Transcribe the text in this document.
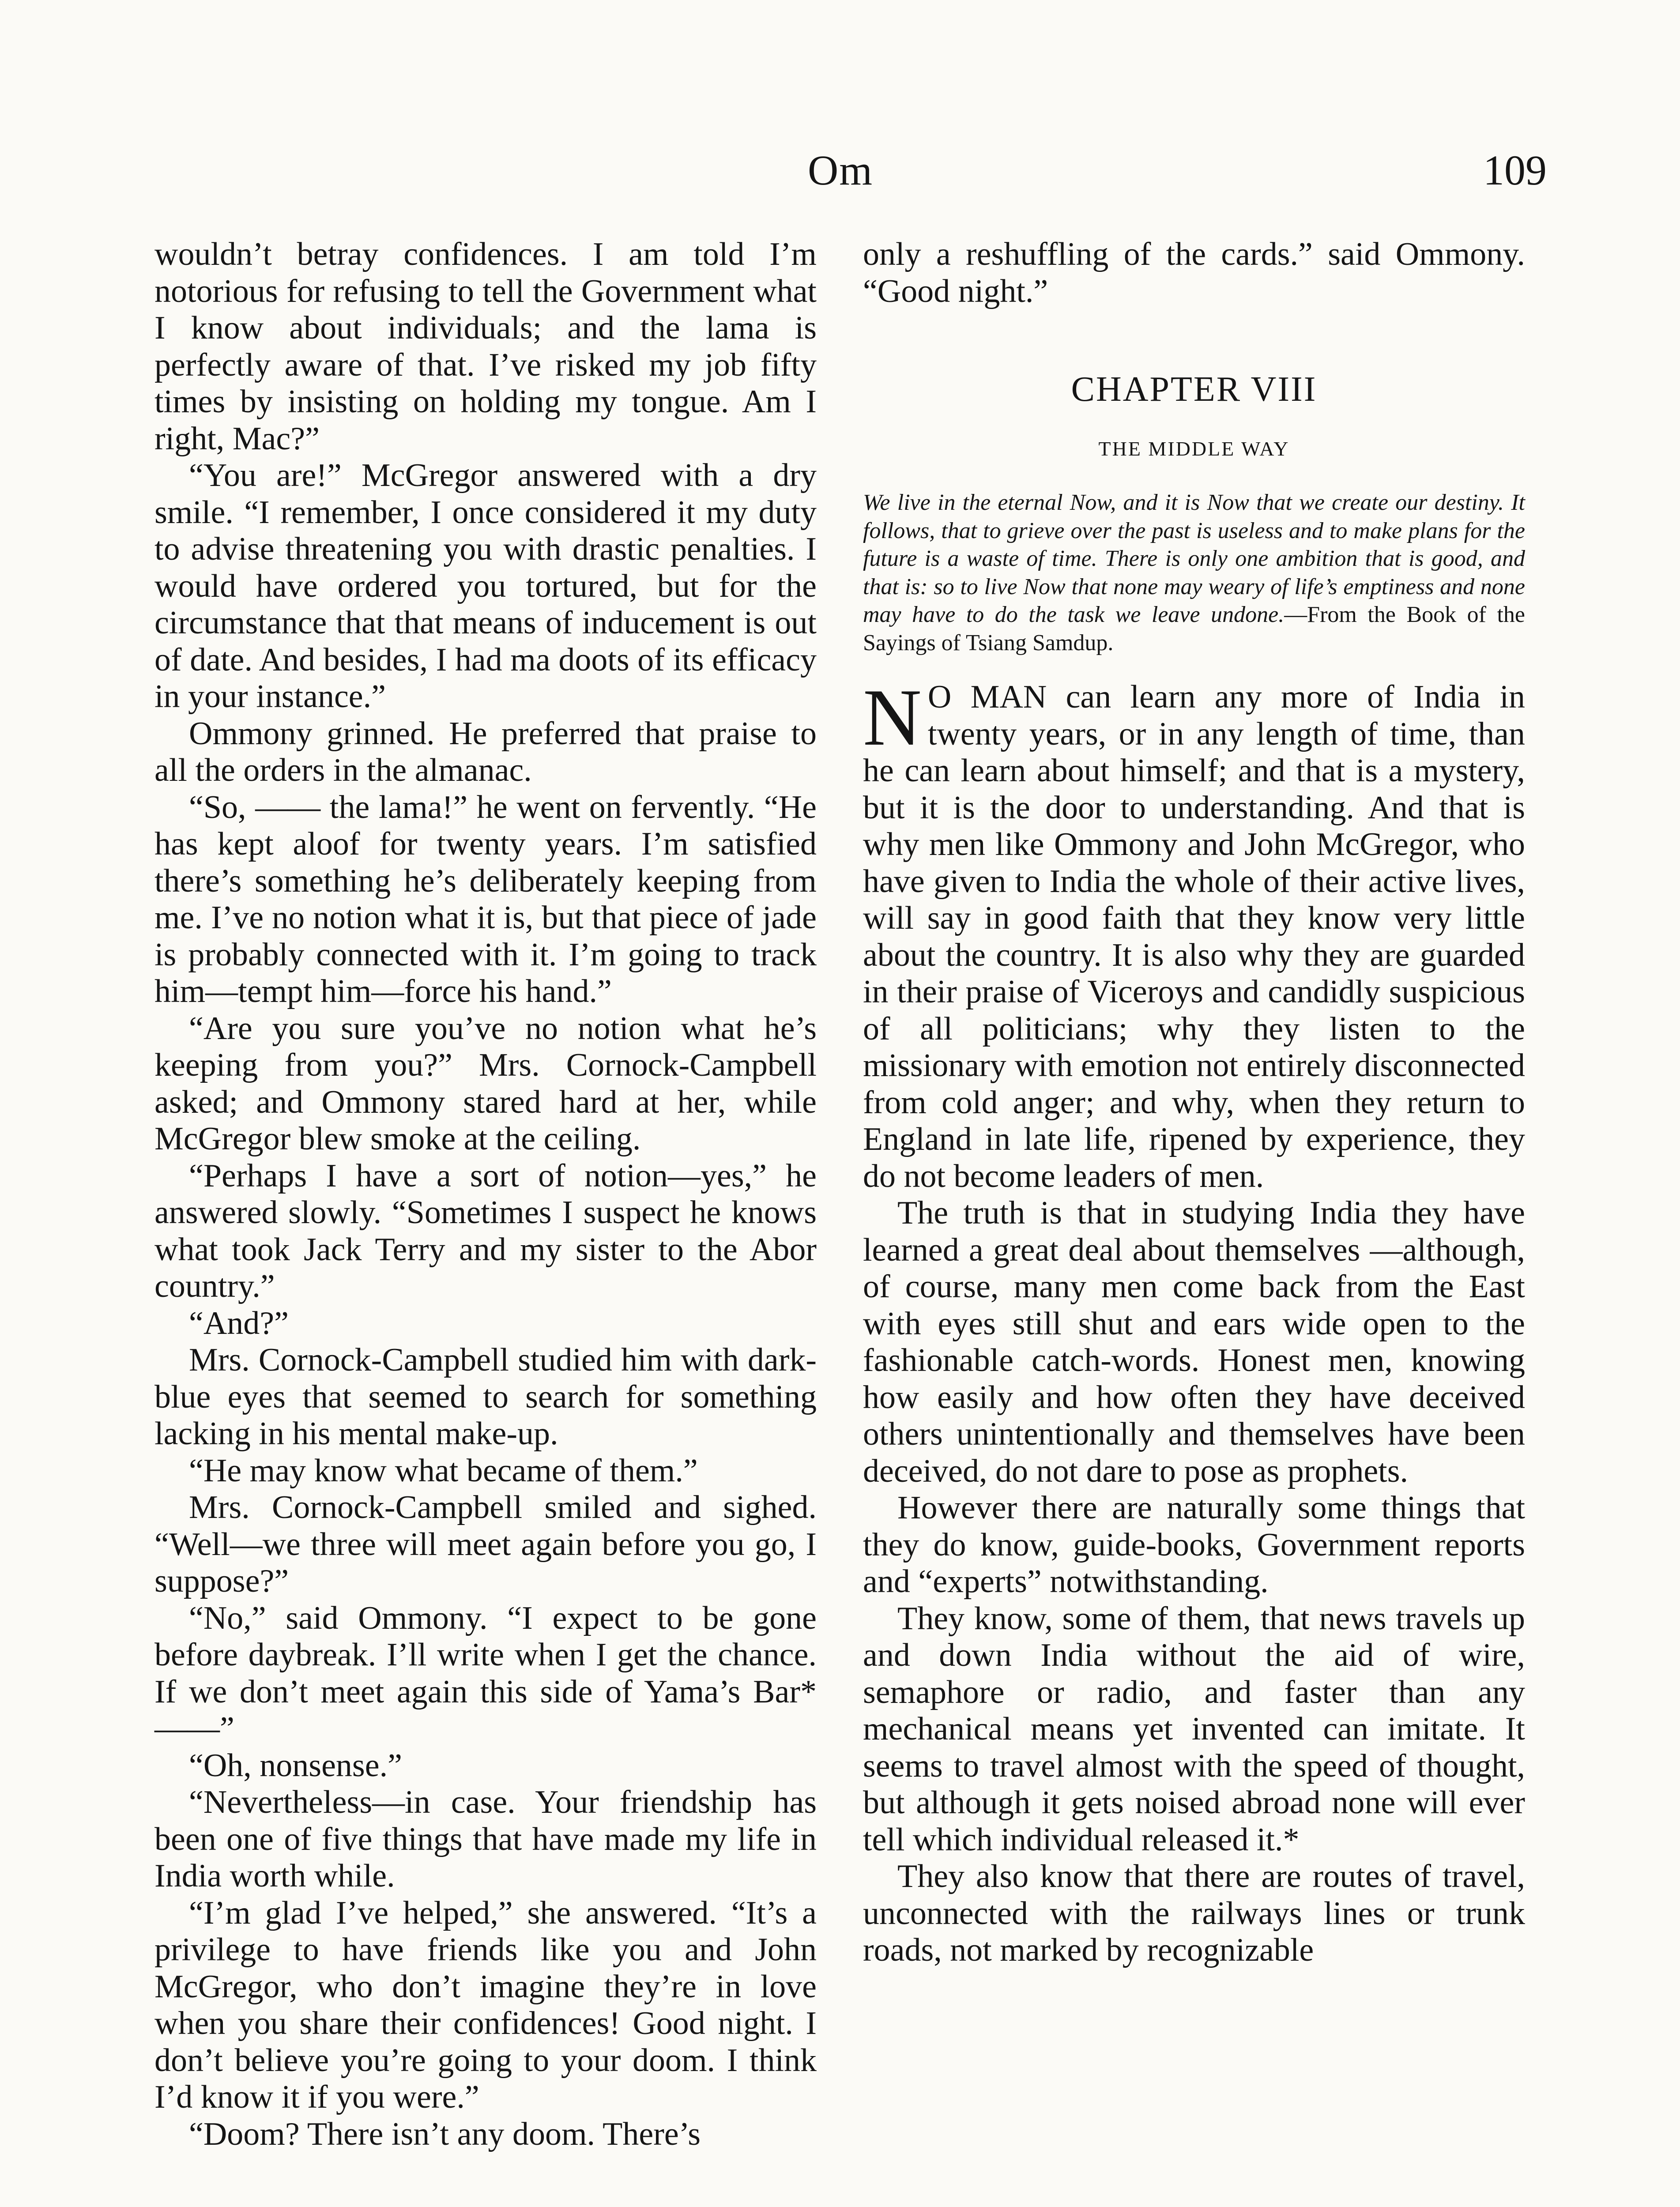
Om	109

wouldn’t betray confidences. I am told I’m notorious for refusing to tell the Government what I know about individuals; and the lama is perfectly aware of that. I’ve risked my job fifty times by insisting on holding my tongue. Am I right, Mac?”

“You are!” McGregor answered with a dry smile. “I remember, I once considered it my duty to advise threatening you with drastic penalties. I would have ordered you tortured, but for the circumstance that that means of inducement is out of date. And besides, I had ma doots of its efficacy in your instance.”

Ommony grinned. He preferred that praise to all the orders in the almanac.

“So, —— the lama!” he went on fervently. “He has kept aloof for twenty years. I’m satisfied there’s something he’s deliberately keeping from me. I’ve no notion what it is, but that piece of jade is probably connected with it. I’m going to track him—tempt him—force his hand.”

“Are you sure you’ve no notion what he’s keeping from you?” Mrs. Cornock-Campbell asked; and Ommony stared hard at her, while McGregor blew smoke at the ceiling.

“Perhaps I have a sort of notion—yes,” he answered slowly. “Sometimes I suspect he knows what took Jack Terry and my sister to the Abor country.”

“And?”

Mrs. Cornock-Campbell studied him with dark-blue eyes that seemed to search for something lacking in his mental make-up.

“He may know what became of them.”

Mrs. Cornock-Campbell smiled and sighed. “Well—we three will meet again before you go, I suppose?”

“No,” said Ommony. “I expect to be gone before daybreak. I’ll write when I get the chance. If we don’t meet again this side of Yama’s Bar* ——”

“Oh, nonsense.”

“Nevertheless—in case. Your friendship has been one of five things that have made my life in India worth while.

“I’m glad I’ve helped,” she answered. “It’s a privilege to have friends like you and John McGregor, who don’t imagine they’re in love when you share their confidences! Good night. I don’t believe you’re going to your doom. I think I’d know it if you were.”

“Doom? There isn’t any doom. There’s

only a reshuffling of the cards.” said Ommony. “Good night.”

CHAPTER VIII
THE MIDDLE WAY
We live in the eternal Now, and it is Now that we create our destiny. It follows, that to grieve over the past is useless and to make plans for the future is a waste of time. There is only one ambition that is good, and that is: so to live Now that none may weary of life’s emptiness and none may have to do the task we leave undone.—From the Book of the Sayings of Tsiang Samdup.

N O MAN can learn any more of India in twenty years, or in any length of time, than he can learn about himself; and that is a mystery, but it is the door to understanding. And that is why men like Ommony and John McGregor, who have given to India the whole of their active lives, will say in good faith that they know very little about the country. It is also why they are guarded in their praise of Viceroys and candidly suspicious of all politicians; why they listen to the missionary with emotion not entirely disconnected from cold anger; and why, when they return to England in late life, ripened by experience, they do not become leaders of men.

The truth is that in studying India they have learned a great deal about themselves —although, of course, many men come back from the East with eyes still shut and ears wide open to the fashionable catch-words. Honest men, knowing how easily and how often they have deceived others unintentionally and themselves have been deceived, do not dare to pose as prophets.

However there are naturally some things that they do know, guide-books, Government reports and “experts” notwithstanding.

They know, some of them, that news travels up and down India without the aid of wire, semaphore or radio, and faster than any mechanical means yet invented can imitate. It seems to travel almost with the speed of thought, but although it gets noised abroad none will ever tell which individual released it.*

They also know that there are routes of travel, unconnected with the railways lines or trunk roads, not marked by recognizable
